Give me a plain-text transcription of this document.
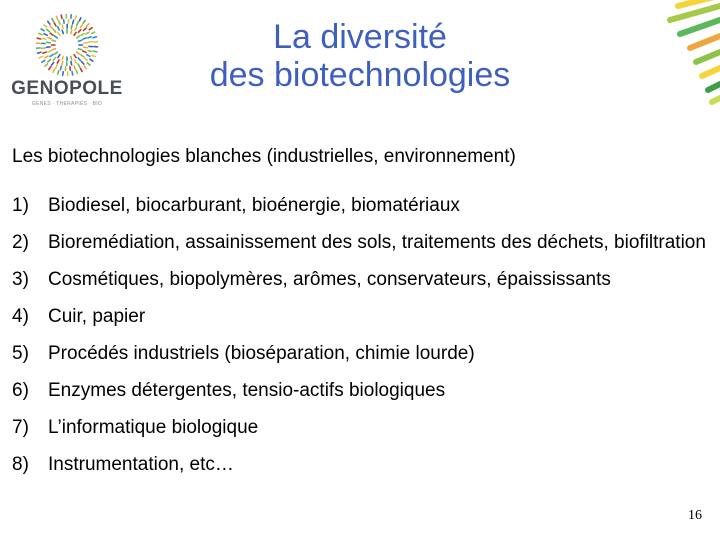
GENOPOLE
GENES · THERAPIES · BIO
La diversité
des biotechnologies
Les biotechnologies blanches (industrielles, environnement)
1) Biodiesel, biocarburant, bioénergie, biomatériaux
2) Bioremédiation, assainissement des sols, traitements des déchets, biofiltration
3) Cosmétiques, biopolymères, arômes, conservateurs, épaississants
4) Cuir, papier
5) Procédés industriels (bioséparation, chimie lourde)
6) Enzymes détergentes, tensio-actifs biologiques
7) L’informatique biologique
8) Instrumentation, etc…
16
